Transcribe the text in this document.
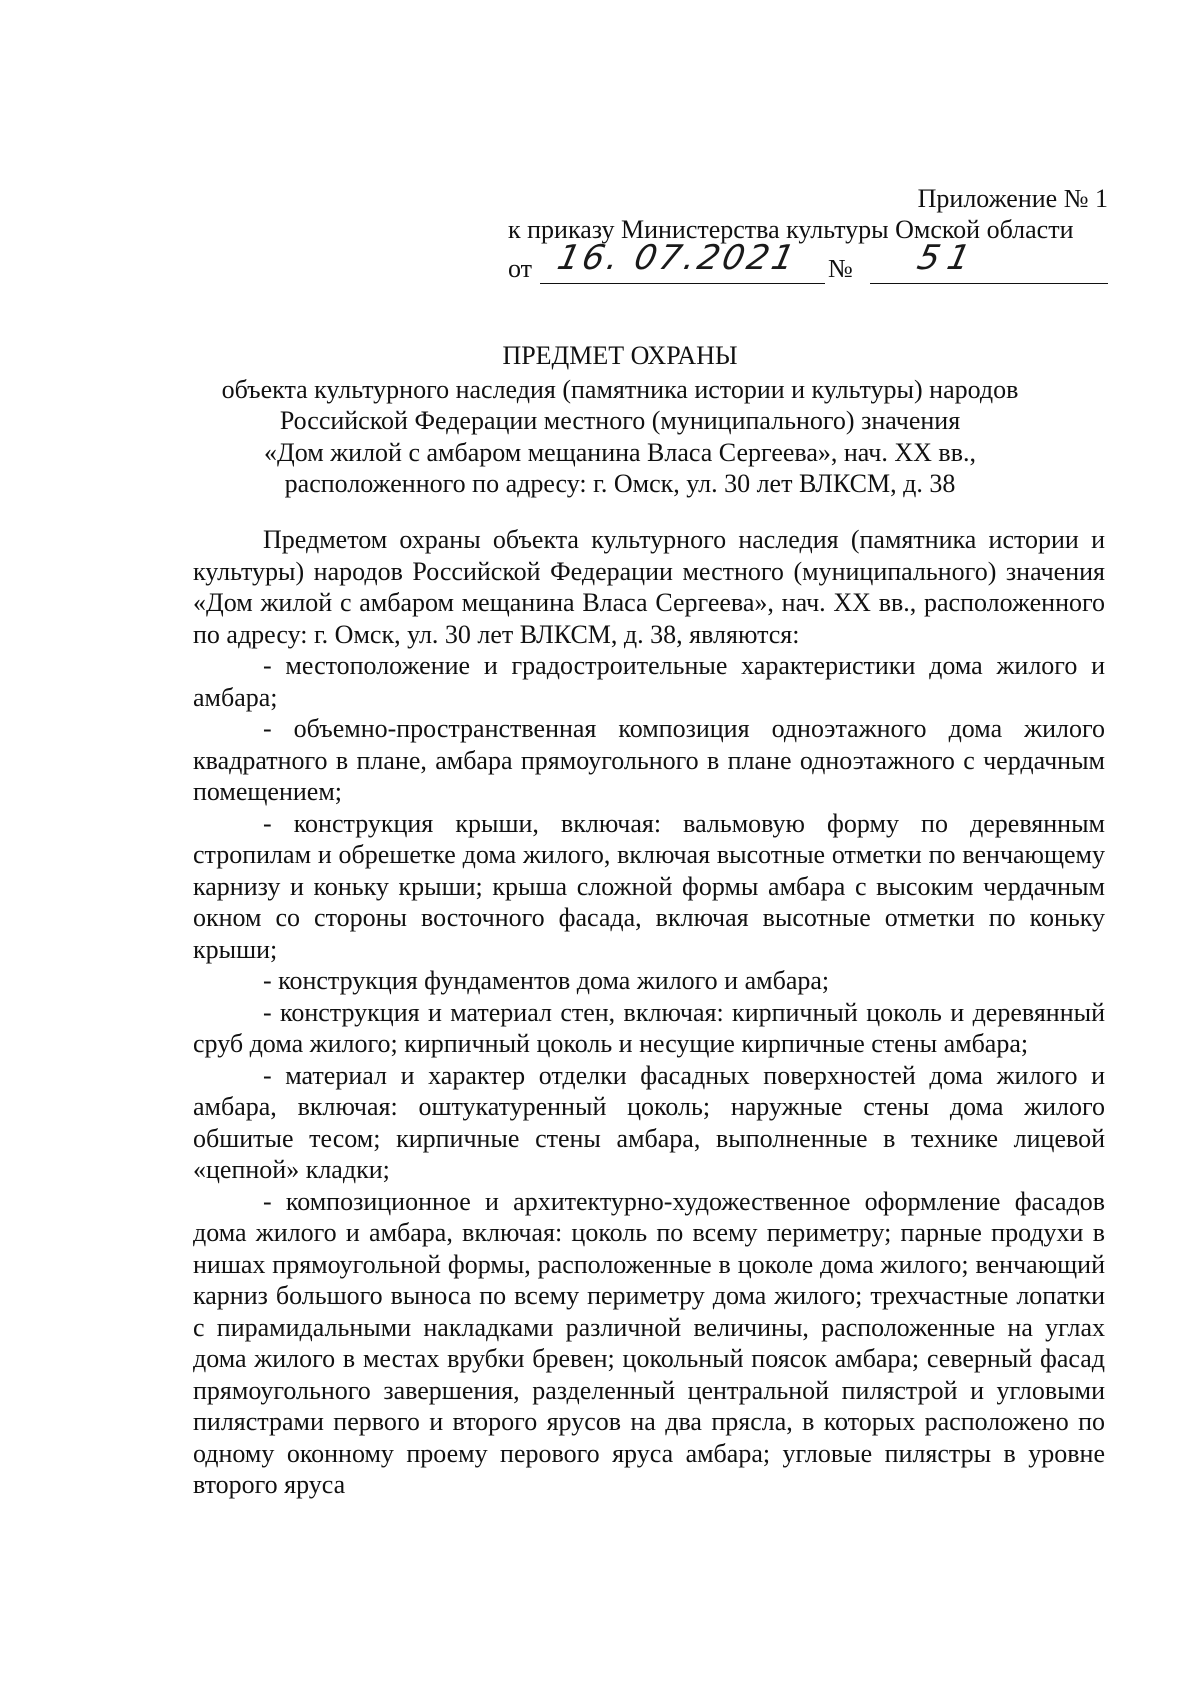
Приложение № 1
к приказу Министерства культуры Омской области
от 16. 07.2021 № 51
ПРЕДМЕТ ОХРАНЫ
объекта культурного наследия (памятника истории и культуры) народов
Российской Федерации местного (муниципального) значения
«Дом жилой с амбаром мещанина Власа Сергеева», нач. XX вв.,
расположенного по адресу: г. Омск, ул. 30 лет ВЛКСМ, д. 38

Предметом охраны объекта культурного наследия (памятника истории и культуры) народов Российской Федерации местного (муниципального) значения «Дом жилой с амбаром мещанина Власа Сергеева», нач. XX вв., расположенного по адресу: г. Омск, ул. 30 лет ВЛКСМ, д. 38, являются:

- местоположение и градостроительные характеристики дома жилого и амбара;

- объемно-пространственная композиция одноэтажного дома жилого квадратного в плане, амбара прямоугольного в плане одноэтажного с чердачным помещением;

- конструкция крыши, включая: вальмовую форму по деревянным стропилам и обрешетке дома жилого, включая высотные отметки по венчающему карнизу и коньку крыши; крыша сложной формы амбара с высоким чердачным окном со стороны восточного фасада, включая высотные отметки по коньку крыши;

- конструкция фундаментов дома жилого и амбара;

- конструкция и материал стен, включая: кирпичный цоколь и деревянный сруб дома жилого; кирпичный цоколь и несущие кирпичные стены амбара;

- материал и характер отделки фасадных поверхностей дома жилого и амбара, включая: оштукатуренный цоколь; наружные стены дома жилого обшитые тесом; кирпичные стены амбара, выполненные в технике лицевой «цепной» кладки;

- композиционное и архитектурно-художественное оформление фасадов дома жилого и амбара, включая: цоколь по всему периметру; парные продухи в нишах прямоугольной формы, расположенные в цоколе дома жилого; венчающий карниз большого выноса по всему периметру дома жилого; трехчастные лопатки с пирамидальными накладками различной величины, расположенные на углах дома жилого в местах врубки бревен; цокольный поясок амбара; северный фасад прямоугольного завершения, разделенный центральной пилястрой и угловыми пилястрами первого и второго ярусов на два прясла, в которых расположено по одному оконному проему перового яруса амбара; угловые пилястры в уровне второго яруса
